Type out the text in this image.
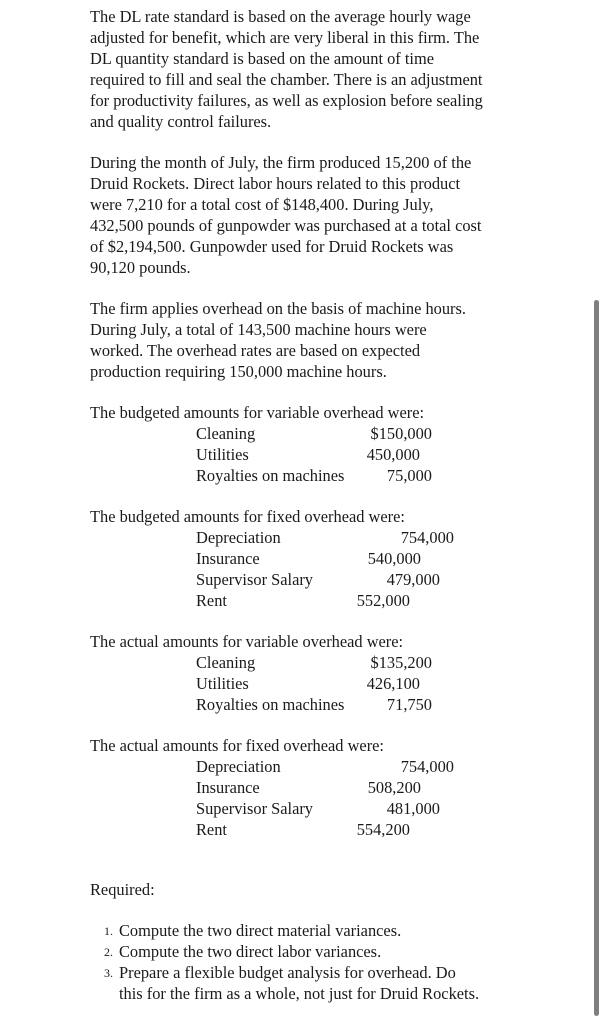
The DL rate standard is based on the average hourly wage
adjusted for benefit, which are very liberal in this firm. The
DL quantity standard is based on the amount of time
required to fill and seal the chamber. There is an adjustment
for productivity failures, as well as explosion before sealing
and quality control failures.
During the month of July, the firm produced 15,200 of the
Druid Rockets. Direct labor hours related to this product
were 7,210 for a total cost of $148,400. During July,
432,500 pounds of gunpowder was purchased at a total cost
of $2,194,500. Gunpowder used for Druid Rockets was
90,120 pounds.
The firm applies overhead on the basis of machine hours.
During July, a total of 143,500 machine hours were
worked. The overhead rates are based on expected
production requiring 150,000 machine hours.
The budgeted amounts for variable overhead were:
Cleaning	$150,000
Utilities	450,000
Royalties on machines	75,000
The budgeted amounts for fixed overhead were:
Depreciation	754,000
Insurance	540,000
Supervisor Salary	479,000
Rent	552,000
The actual amounts for variable overhead were:
Cleaning	$135,200
Utilities	426,100
Royalties on machines	71,750
The actual amounts for fixed overhead were:
Depreciation	754,000
Insurance	508,200
Supervisor Salary	481,000
Rent	554,200
Required:
1. Compute the two direct material variances.
2. Compute the two direct labor variances.
3. Prepare a flexible budget analysis for overhead. Do
this for the firm as a whole, not just for Druid Rockets.
